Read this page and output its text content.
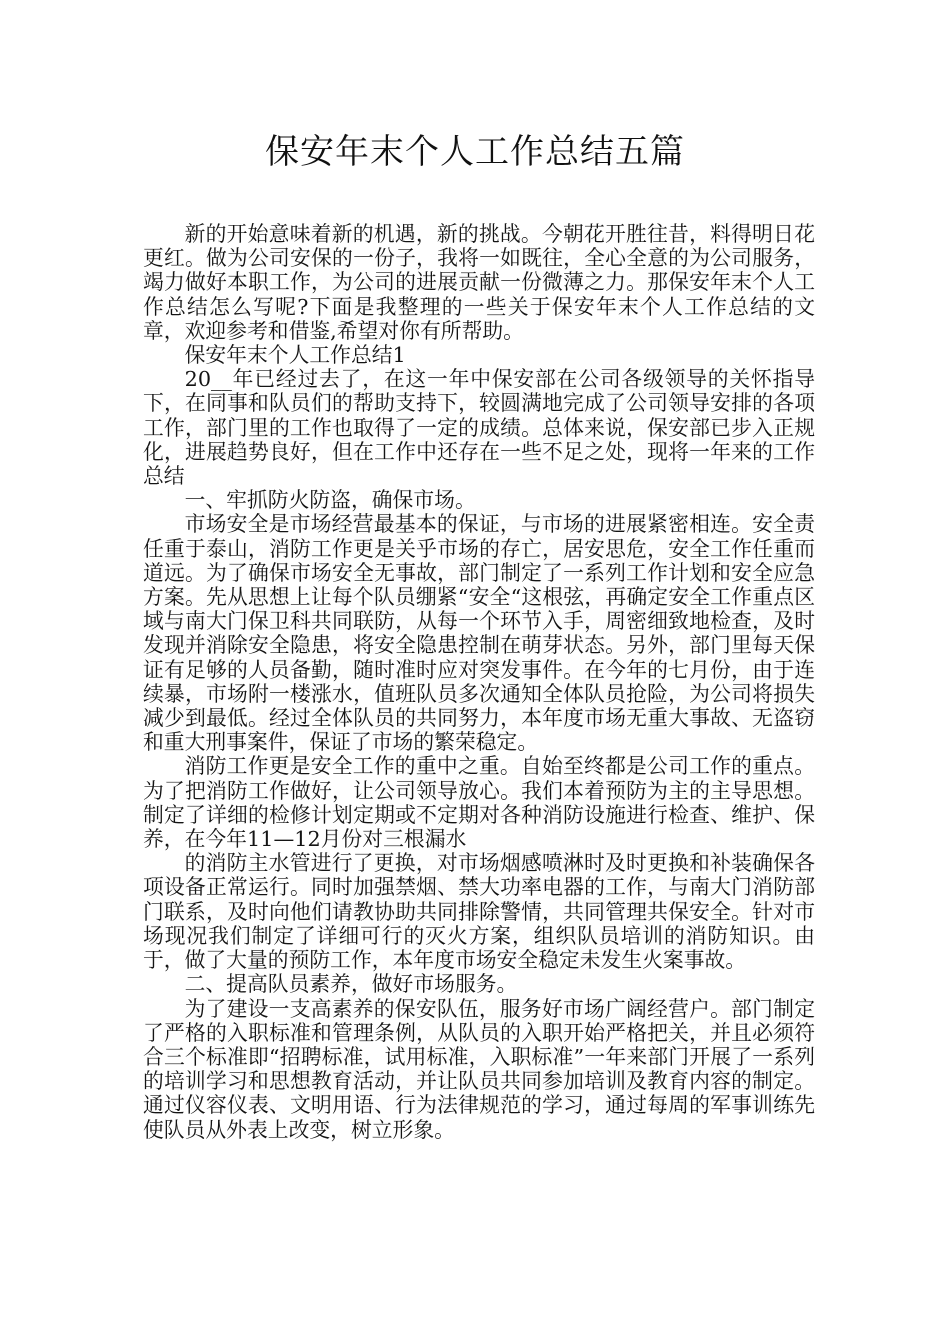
保安年末个人工作总结五篇

新的开始意味着新的机遇，新的挑战。今朝花开胜往昔，料得明日花更红。做为公司安保的一份子，我将一如既往，全心全意的为公司服务，竭力做好本职工作，为公司的进展贡献一份微薄之力。那保安年末个人工作总结怎么写呢?下面是我整理的一些关于保安年末个人工作总结的文章，欢迎参考和借鉴,希望对你有所帮助。

保安年末个人工作总结1

20__年已经过去了，在这一年中保安部在公司各级领导的关怀指导下，在同事和队员们的帮助支持下，较圆满地完成了公司领导安排的各项工作，部门里的工作也取得了一定的成绩。总体来说，保安部已步入正规化，进展趋势良好，但在工作中还存在一些不足之处，现将一年来的工作总结

一、牢抓防火防盗，确保市场。

市场安全是市场经营最基本的保证，与市场的进展紧密相连。安全责任重于泰山，消防工作更是关乎市场的存亡，居安思危，安全工作任重而道远。为了确保市场安全无事故，部门制定了一系列工作计划和安全应急方案。先从思想上让每个队员绷紧“安全“这根弦，再确定安全工作重点区域与南大门保卫科共同联防，从每一个环节入手，周密细致地检查，及时发现并消除安全隐患，将安全隐患控制在萌芽状态。另外，部门里每天保证有足够的人员备勤，随时准时应对突发事件。在今年的七月份，由于连续暴，市场附一楼涨水，值班队员多次通知全体队员抢险，为公司将损失减少到最低。经过全体队员的共同努力，本年度市场无重大事故、无盗窃和重大刑事案件，保证了市场的繁荣稳定。

消防工作更是安全工作的重中之重。自始至终都是公司工作的重点。为了把消防工作做好，让公司领导放心。我们本着预防为主的主导思想。制定了详细的检修计划定期或不定期对各种消防设施进行检查、维护、保养，在今年11—12月份对三根漏水

的消防主水管进行了更换，对市场烟感喷淋时及时更换和补装确保各项设备正常运行。同时加强禁烟、禁大功率电器的工作，与南大门消防部门联系，及时向他们请教协助共同排除警情，共同管理共保安全。针对市场现况我们制定了详细可行的灭火方案，组织队员培训的消防知识。由于，做了大量的预防工作，本年度市场安全稳定未发生火案事故。

二、提高队员素养，做好市场服务。

为了建设一支高素养的保安队伍，服务好市场广阔经营户。部门制定了严格的入职标准和管理条例，从队员的入职开始严格把关，并且必须符合三个标准即“招聘标准，试用标准，入职标准”一年来部门开展了一系列的培训学习和思想教育活动，并让队员共同参加培训及教育内容的制定。通过仪容仪表、文明用语、行为法律规范的学习，通过每周的军事训练先使队员从外表上改变，树立形象。
